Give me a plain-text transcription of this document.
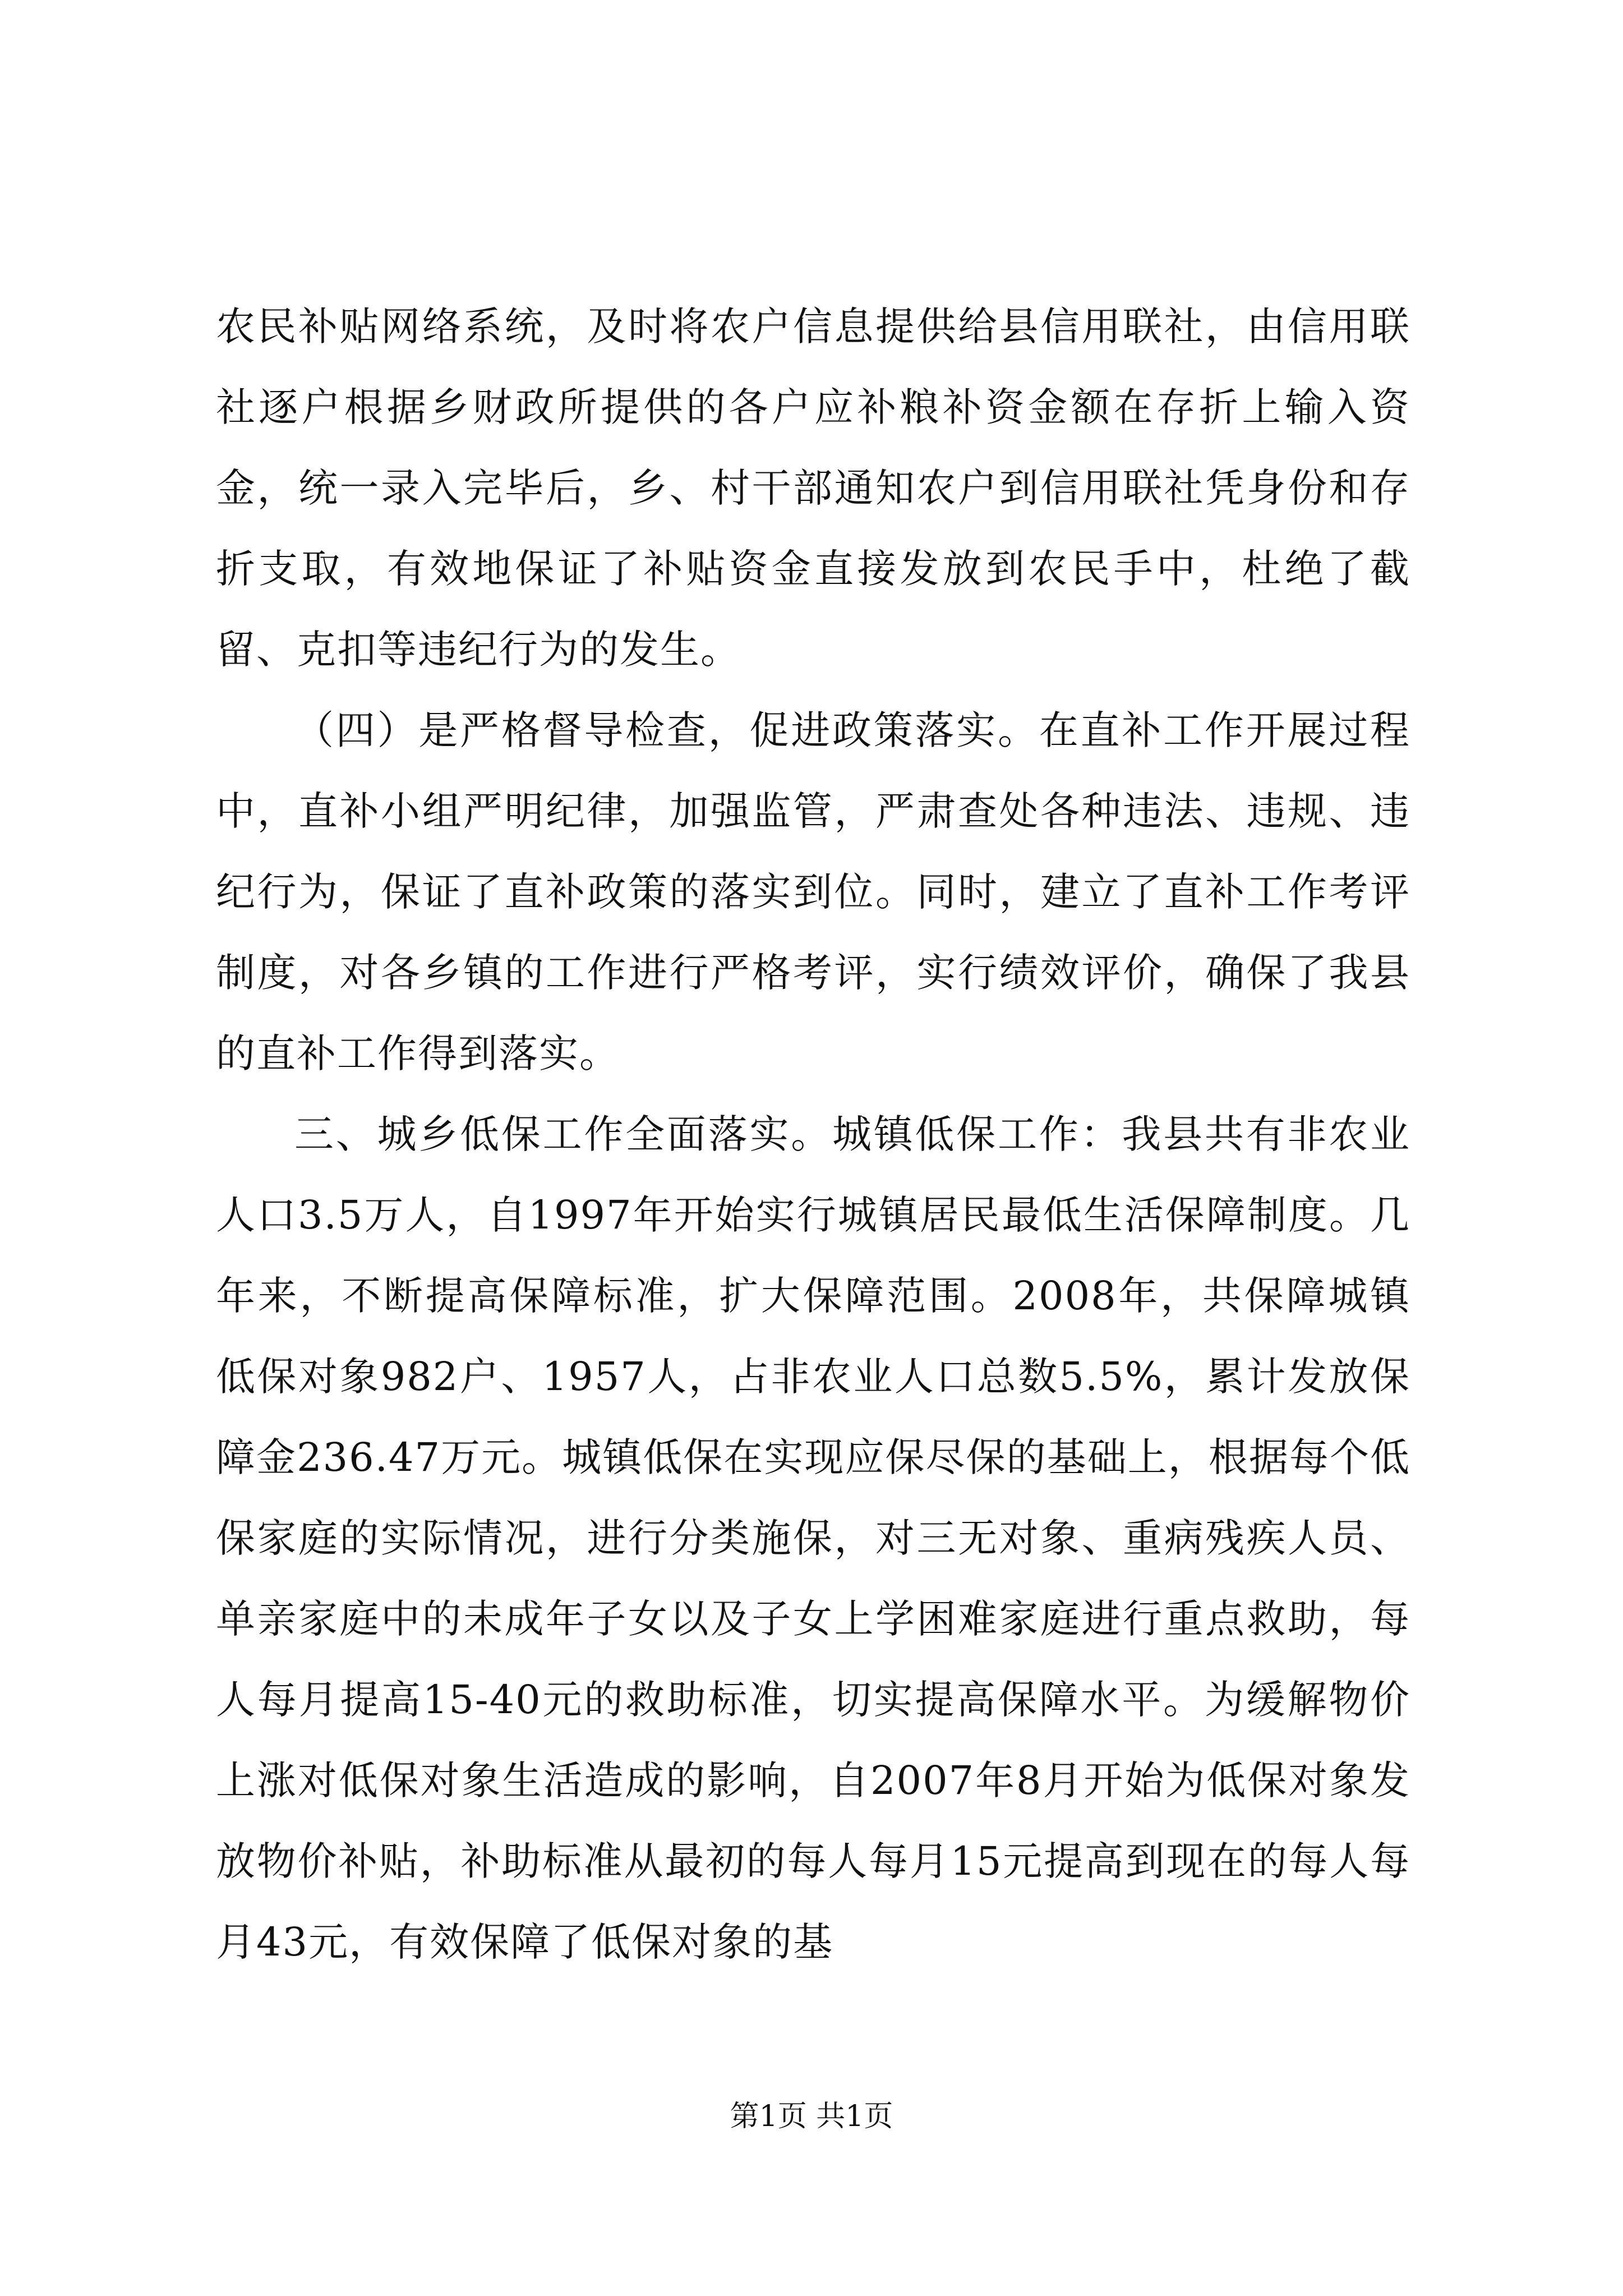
农民补贴网络系统，及时将农户信息提供给县信用联社，由信用联社逐户根据乡财政所提供的各户应补粮补资金额在存折上输入资金，统一录入完毕后，乡、村干部通知农户到信用联社凭身份和存折支取，有效地保证了补贴资金直接发放到农民手中，杜绝了截留、克扣等违纪行为的发生。

（四）是严格督导检查，促进政策落实。在直补工作开展过程中，直补小组严明纪律，加强监管，严肃查处各种违法、违规、违纪行为，保证了直补政策的落实到位。同时，建立了直补工作考评制度，对各乡镇的工作进行严格考评，实行绩效评价，确保了我县的直补工作得到落实。

三、城乡低保工作全面落实。城镇低保工作：我县共有非农业人口3.5万人，自1997年开始实行城镇居民最低生活保障制度。几年来，不断提高保障标准，扩大保障范围。2008年，共保障城镇低保对象982户、1957人，占非农业人口总数5.5%，累计发放保障金236.47万元。城镇低保在实现应保尽保的基础上，根据每个低保家庭的实际情况，进行分类施保，对三无对象、重病残疾人员、单亲家庭中的未成年子女以及子女上学困难家庭进行重点救助，每人每月提高15-40元的救助标准，切实提高保障水平。为缓解物价上涨对低保对象生活造成的影响，自2007年8月开始为低保对象发放物价补贴，补助标准从最初的每人每月15元提高到现在的每人每月43元，有效保障了低保对象的基

第1页 共1页
